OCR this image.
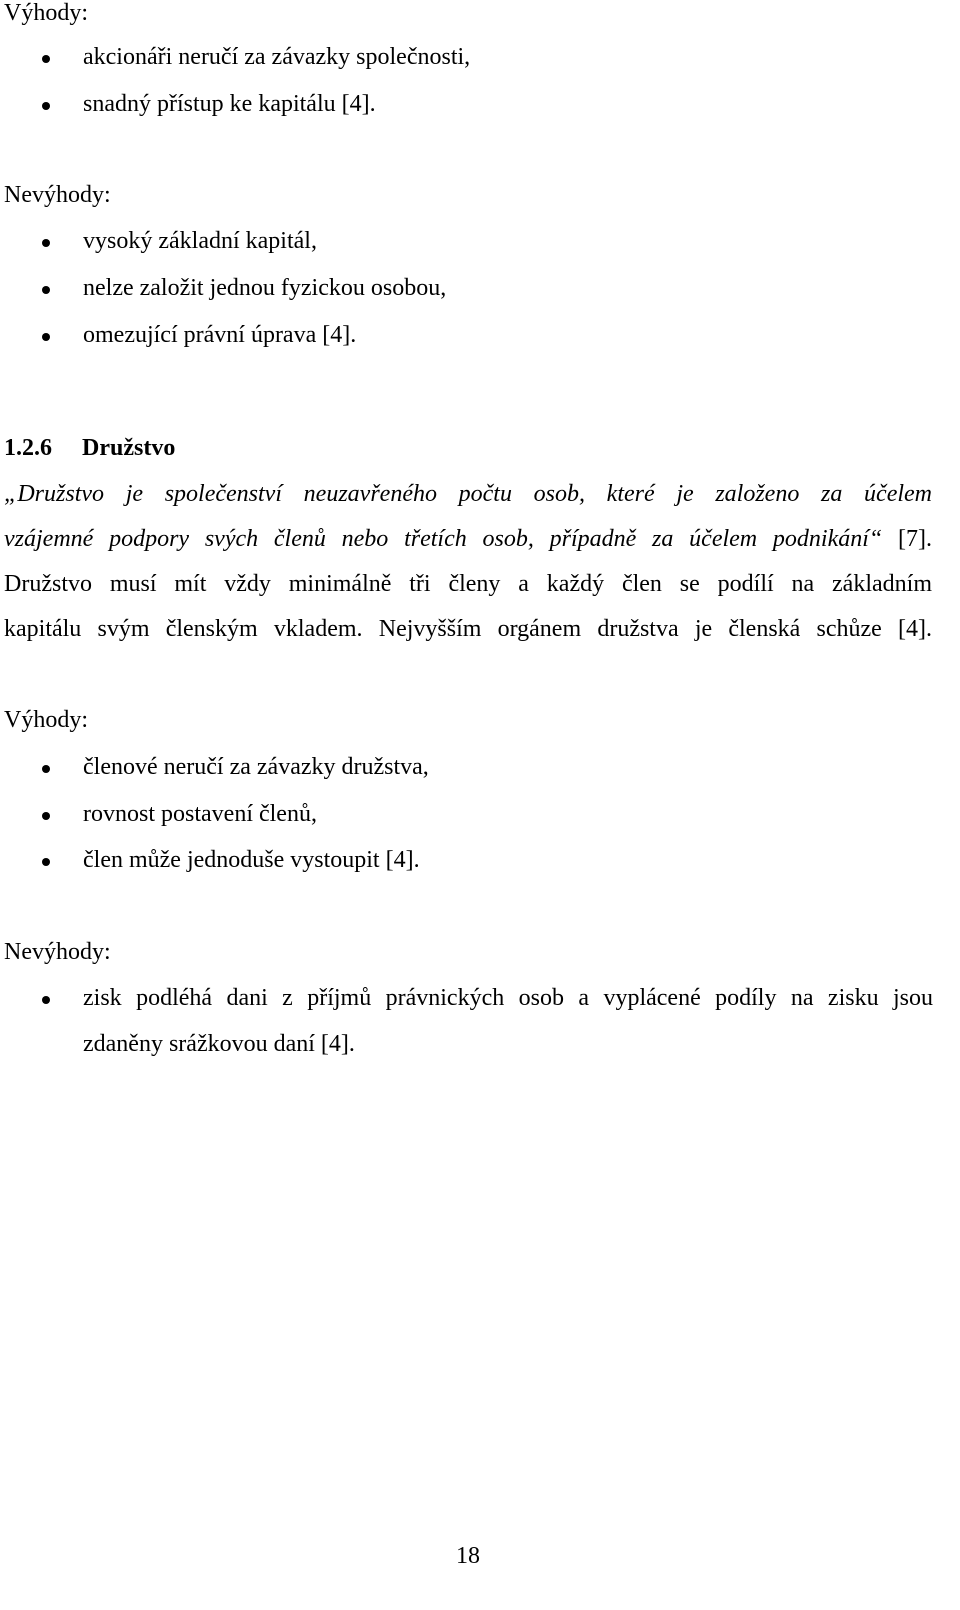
Výhody:
akcionáři neručí za závazky společnosti,
snadný přístup ke kapitálu [4].
Nevýhody:
vysoký základní kapitál,
nelze založit jednou fyzickou osobou,
omezující právní úprava [4].
1.2.6 Družstvo
„Družstvo je společenství neuzavřeného počtu osob, které je založeno za účelem
vzájemné podpory svých členů nebo třetích osob, případně za účelem podnikání“ [7].
Družstvo musí mít vždy minimálně tři členy a každý člen se podílí na základním
kapitálu svým členským vkladem. Nejvyšším orgánem družstva je členská schůze [4].
Výhody:
členové neručí za závazky družstva,
rovnost postavení členů,
člen může jednoduše vystoupit [4].
Nevýhody:
zisk podléhá dani z příjmů právnických osob a vyplácené podíly na zisku jsou
zdaněny srážkovou daní [4].
18
